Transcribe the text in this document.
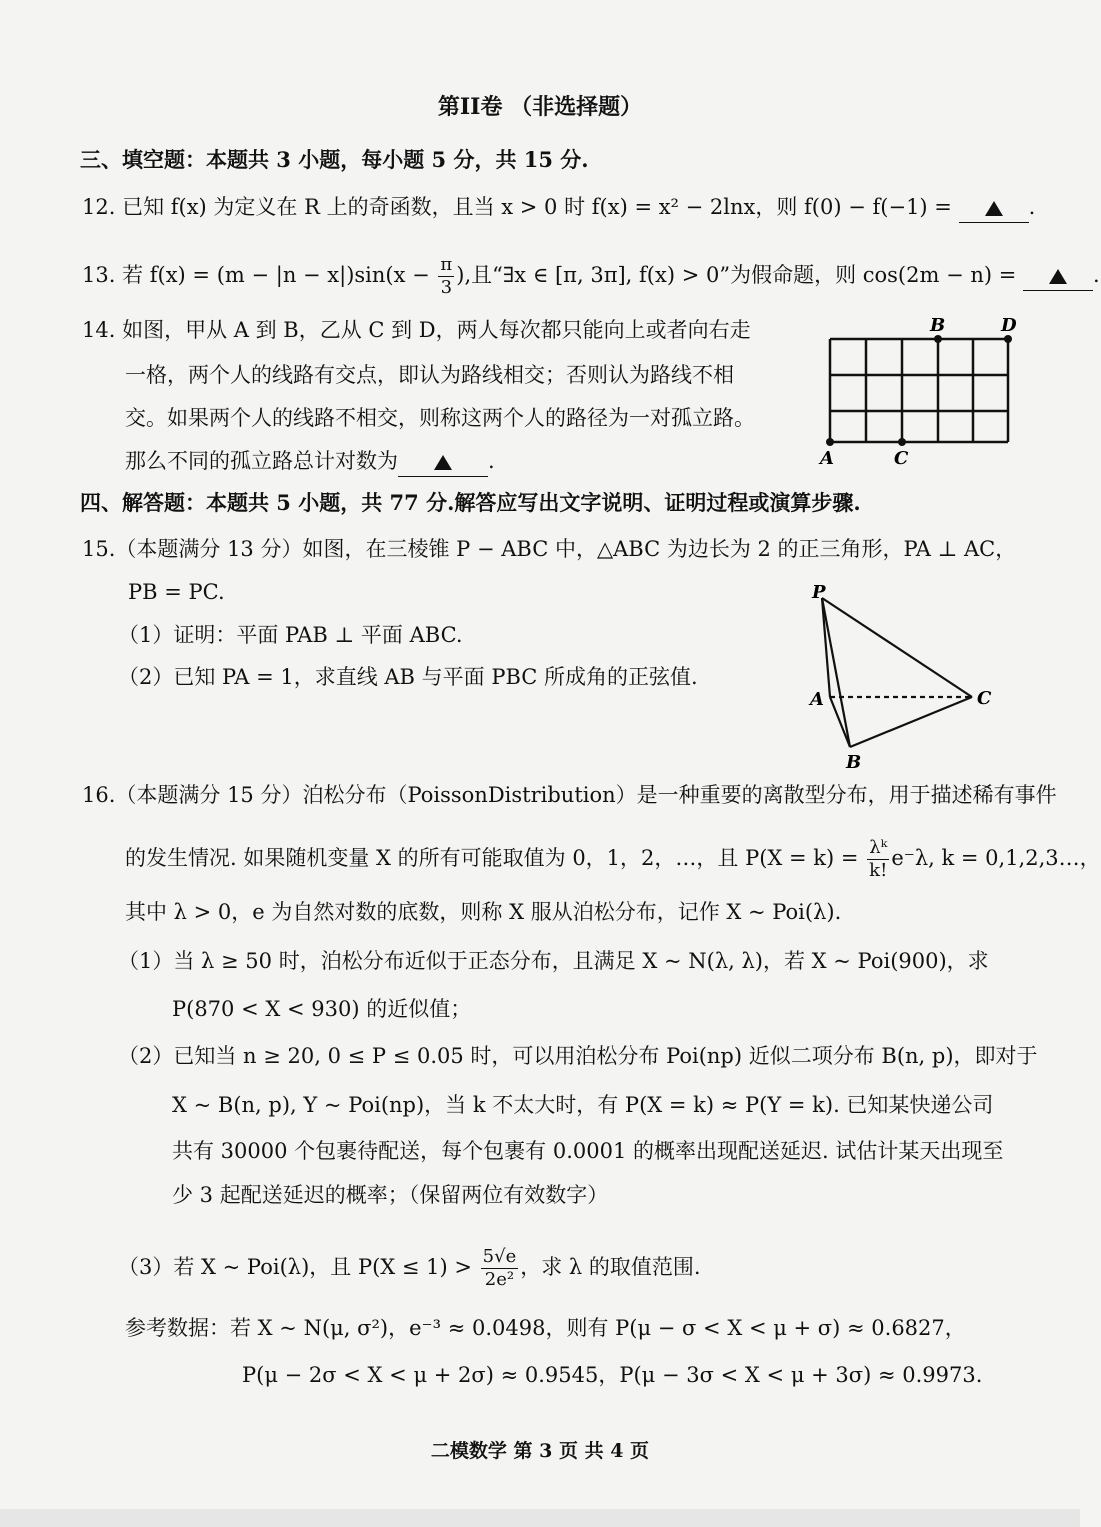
第II卷 （非选择题）
三、填空题：本题共 3 小题，每小题 5 分，共 15 分.
12. 已知 f(x) 为定义在 R 上的奇函数，且当 x > 0 时 f(x) = x² − 2lnx，则 f(0) − f(−1) =	.
13. 若 $f(x) = (m - |n - x|)\sin(x - \frac{\pi}{3}$ ),且“∃x ∈ [π, 3π], f(x) > 0”为假命题，则 cos(2m − n) =	.
14. 如图，甲从 A 到 B，乙从 C 到 D，两人每次都只能向上或者向右走
一格，两个人的线路有交点，即认为路线相交；否则认为路线不相
交。如果两个人的线路不相交，则称这两个人的路径为一对孤立路。
那么不同的孤立路总计对数为	.	A	C
B	D
四、解答题：本题共 5 小题，共 77 分.解答应写出文字说明、证明过程或演算步骤.
15.（本题满分 13 分）如图，在三棱锥 P − ABC 中，△ABC 为边长为 2 的正三角形，PA ⊥ AC，
PB = PC.
（1）证明：平面 PAB ⊥ 平面 ABC.
（2）已知 PA = 1，求直线 AB 与平面 PBC 所成角的正弦值.
P
A
B
C
16.（本题满分 15 分）泊松分布（PoissonDistribution）是一种重要的离散型分布，用于描述稀有事件
的发生情况. 如果随机变量 X 的所有可能取值为 0，1，2，…，且 $P(X = k) = \frac{\text{λᵏ}}{k!} e^-\lambda$, k = 0,1,2,3…，
其中 λ > 0，e 为自然对数的底数，则称 X 服从泊松分布，记作 X ~ Poi(λ).
（1）当 λ ≥ 50 时，泊松分布近似于正态分布，且满足 X ~ N(λ, λ)，若 X ~ Poi(900)，求
P(870 < X < 930) 的近似值；
（2）已知当 n ≥ 20, 0 ≤ P ≤ 0.05 时，可以用泊松分布 Poi(np) 近似二项分布 B(n, p)，即对于
X ~ B(n, p), Y ~ Poi(np)，当 k 不太大时，有 P(X = k) ≈ P(Y = k). 已知某快递公司
共有 30000 个包裹待配送，每个包裹有 0.0001 的概率出现配送延迟. 试估计某天出现至
少 3 起配送延迟的概率；（保留两位有效数字）
（3）若 X ~ Poi(λ)，且 $P(X \le 1) > \frac{5√e}{\text{2e²}}$ ，求 λ 的取值范围.
参考数据：若 X ~ N(μ, σ²)，e⁻³ ≈ 0.0498，则有 P(μ − σ < X < μ + σ) ≈ 0.6827，
P(μ − 2σ < X < μ + 2σ) ≈ 0.9545，P(μ − 3σ < X < μ + 3σ) ≈ 0.9973.
二模数学 第 3 页 共 4 页
